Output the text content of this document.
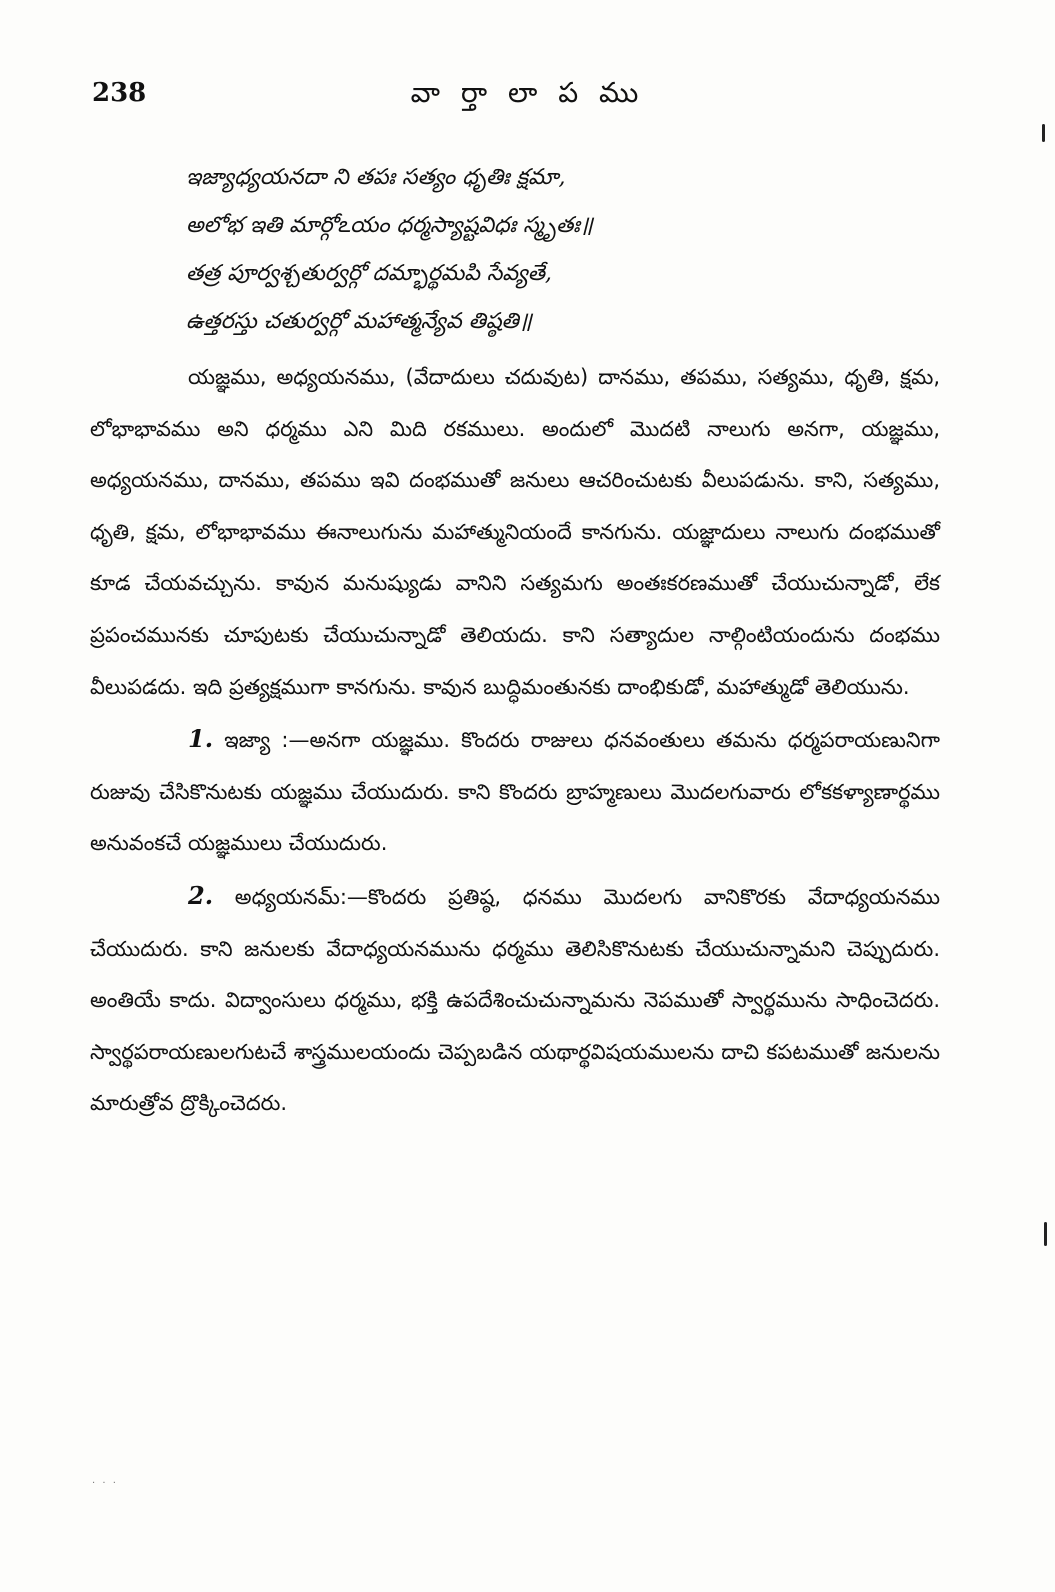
238	వా ర్తా లా ప ము
ఇజ్యాధ్యయనదా ని తపః సత్యం ధృతిః క్షమా,
అలోభ ఇతి మార్గోఽయం ధర్మస్యాష్టవిధః స్మృతః॥
తత్ర పూర్వశ్చతుర్వర్గో దమ్భార్థమపి సేవ్యతే,
ఉత్తరస్తు చతుర్వర్గో మహాత్మన్యేవ తిష్ఠతి॥

యజ్ఞము, అధ్యయనము, (వేదాదులు చదువుట) దానము, తపము, సత్యము, ధృతి, క్షమ, లోభాభావము అని ధర్మము ఎని మిది రకములు. అందులో మొదటి నాలుగు అనగా, యజ్ఞము, అధ్యయనము, దానము, తపము ఇవి దంభముతో జనులు ఆచరించుటకు వీలుపడును. కాని, సత్యము, ధృతి, క్షమ, లోభాభావము ఈనాలుగును మహాత్మునియందే కానగును. యజ్ఞాదులు నాలుగు దంభముతో కూడ చేయవచ్చును. కావున మనుష్యుడు వానిని సత్యమగు అంతఃకరణముతో చేయుచున్నాడో, లేక ప్రపంచమునకు చూపుటకు చేయుచున్నాడో తెలియదు. కాని సత్యాదుల నాల్గింటియందును దంభము వీలుపడదు. ఇది ప్రత్యక్షముగా కానగును. కావున బుద్ధిమంతునకు దాంభికుడో, మహాత్ముడో తెలియును.

1. ఇజ్యా :—అనగా యజ్ఞము. కొందరు రాజులు ధనవంతులు తమను ధర్మపరాయణునిగా రుజువు చేసికొనుటకు యజ్ఞము చేయుదురు. కాని కొందరు బ్రాహ్మణులు మొదలగువారు లోకకళ్యాణార్థము అనువంకచే యజ్ఞములు చేయుదురు.

2. అధ్యయనమ్:—కొందరు ప్రతిష్ఠ, ధనము మొదలగు వానికొరకు వేదాధ్యయనము చేయుదురు. కాని జనులకు వేదాధ్యయనమును ధర్మము తెలిసికొనుటకు చేయుచున్నామని చెప్పుదురు. అంతియే కాదు. విద్వాంసులు ధర్మము, భక్తి ఉపదేశించుచున్నామను నెపముతో స్వార్థమును సాధించెదరు. స్వార్థపరాయణులగుటచే శాస్త్రములయందు చెప్పబడిన యథార్థవిషయములను దాచి కపటముతో జనులను మారుత్రోవ ద్రొక్కించెదరు.

· · ·
